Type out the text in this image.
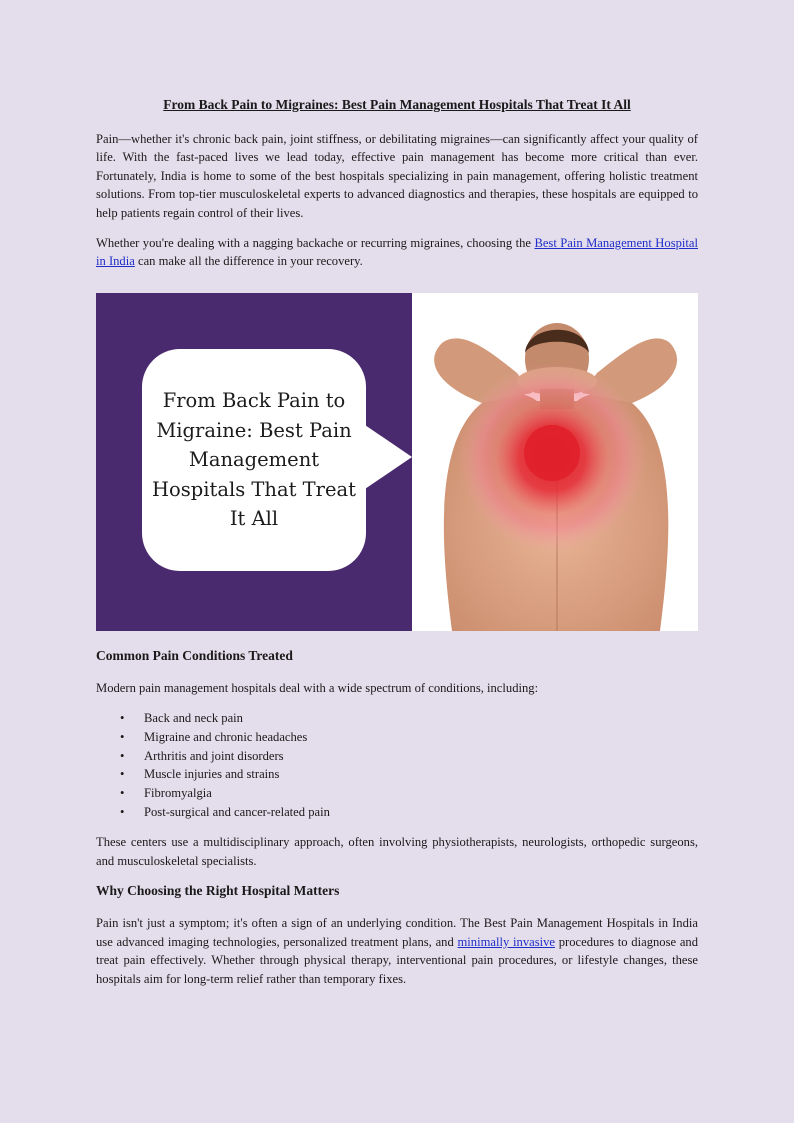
From Back Pain to Migraines: Best Pain Management Hospitals That Treat It All

Pain—whether it's chronic back pain, joint stiffness, or debilitating migraines—can significantly affect your quality of life. With the fast-paced lives we lead today, effective pain management has become more critical than ever. Fortunately, India is home to some of the best hospitals specializing in pain management, offering holistic treatment solutions. From top-tier musculoskeletal experts to advanced diagnostics and therapies, these hospitals are equipped to help patients regain control of their lives.

Whether you're dealing with a nagging backache or recurring migraines, choosing the Best Pain Management Hospital in India can make all the difference in your recovery.

From Back Pain to Migraine: Best Pain Management Hospitals That Treat It All
Common Pain Conditions Treated

Modern pain management hospitals deal with a wide spectrum of conditions, including:

• Back and neck pain
• Migraine and chronic headaches
• Arthritis and joint disorders
• Muscle injuries and strains
• Fibromyalgia
• Post-surgical and cancer-related pain

These centers use a multidisciplinary approach, often involving physiotherapists, neurologists, orthopedic surgeons, and musculoskeletal specialists.

Why Choosing the Right Hospital Matters

Pain isn't just a symptom; it's often a sign of an underlying condition. The Best Pain Management Hospitals in India use advanced imaging technologies, personalized treatment plans, and minimally invasive procedures to diagnose and treat pain effectively. Whether through physical therapy, interventional pain procedures, or lifestyle changes, these hospitals aim for long-term relief rather than temporary fixes.
